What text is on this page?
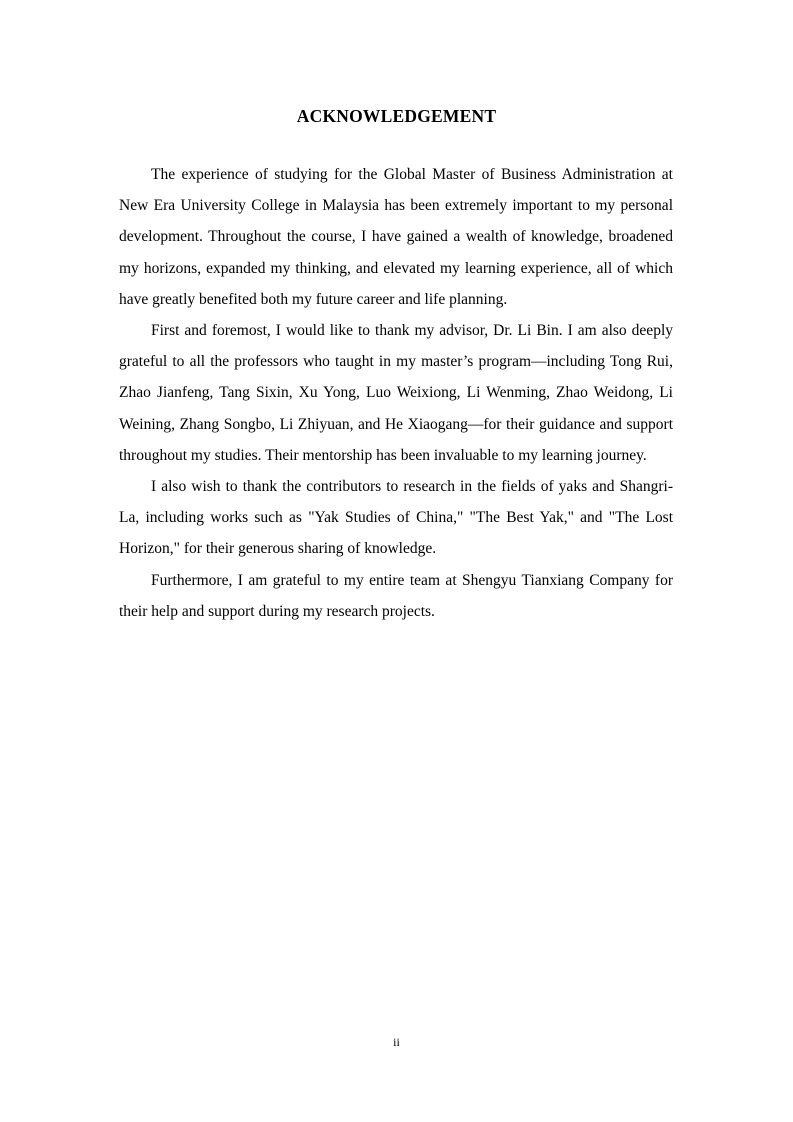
ACKNOWLEDGEMENT

The experience of studying for the Global Master of Business Administration at New Era University College in Malaysia has been extremely important to my personal development. Throughout the course, I have gained a wealth of knowledge, broadened my horizons, expanded my thinking, and elevated my learning experience, all of which have greatly benefited both my future career and life planning.

First and foremost, I would like to thank my advisor, Dr. Li Bin. I am also deeply grateful to all the professors who taught in my master’s program—including Tong Rui, Zhao Jianfeng, Tang Sixin, Xu Yong, Luo Weixiong, Li Wenming, Zhao Weidong, Li Weining, Zhang Songbo, Li Zhiyuan, and He Xiaogang—for their guidance and support throughout my studies. Their mentorship has been invaluable to my learning journey.

I also wish to thank the contributors to research in the fields of yaks and Shangri-La, including works such as "Yak Studies of China," "The Best Yak," and "The Lost Horizon," for their generous sharing of knowledge.

Furthermore, I am grateful to my entire team at Shengyu Tianxiang Company for their help and support during my research projects.

ii
